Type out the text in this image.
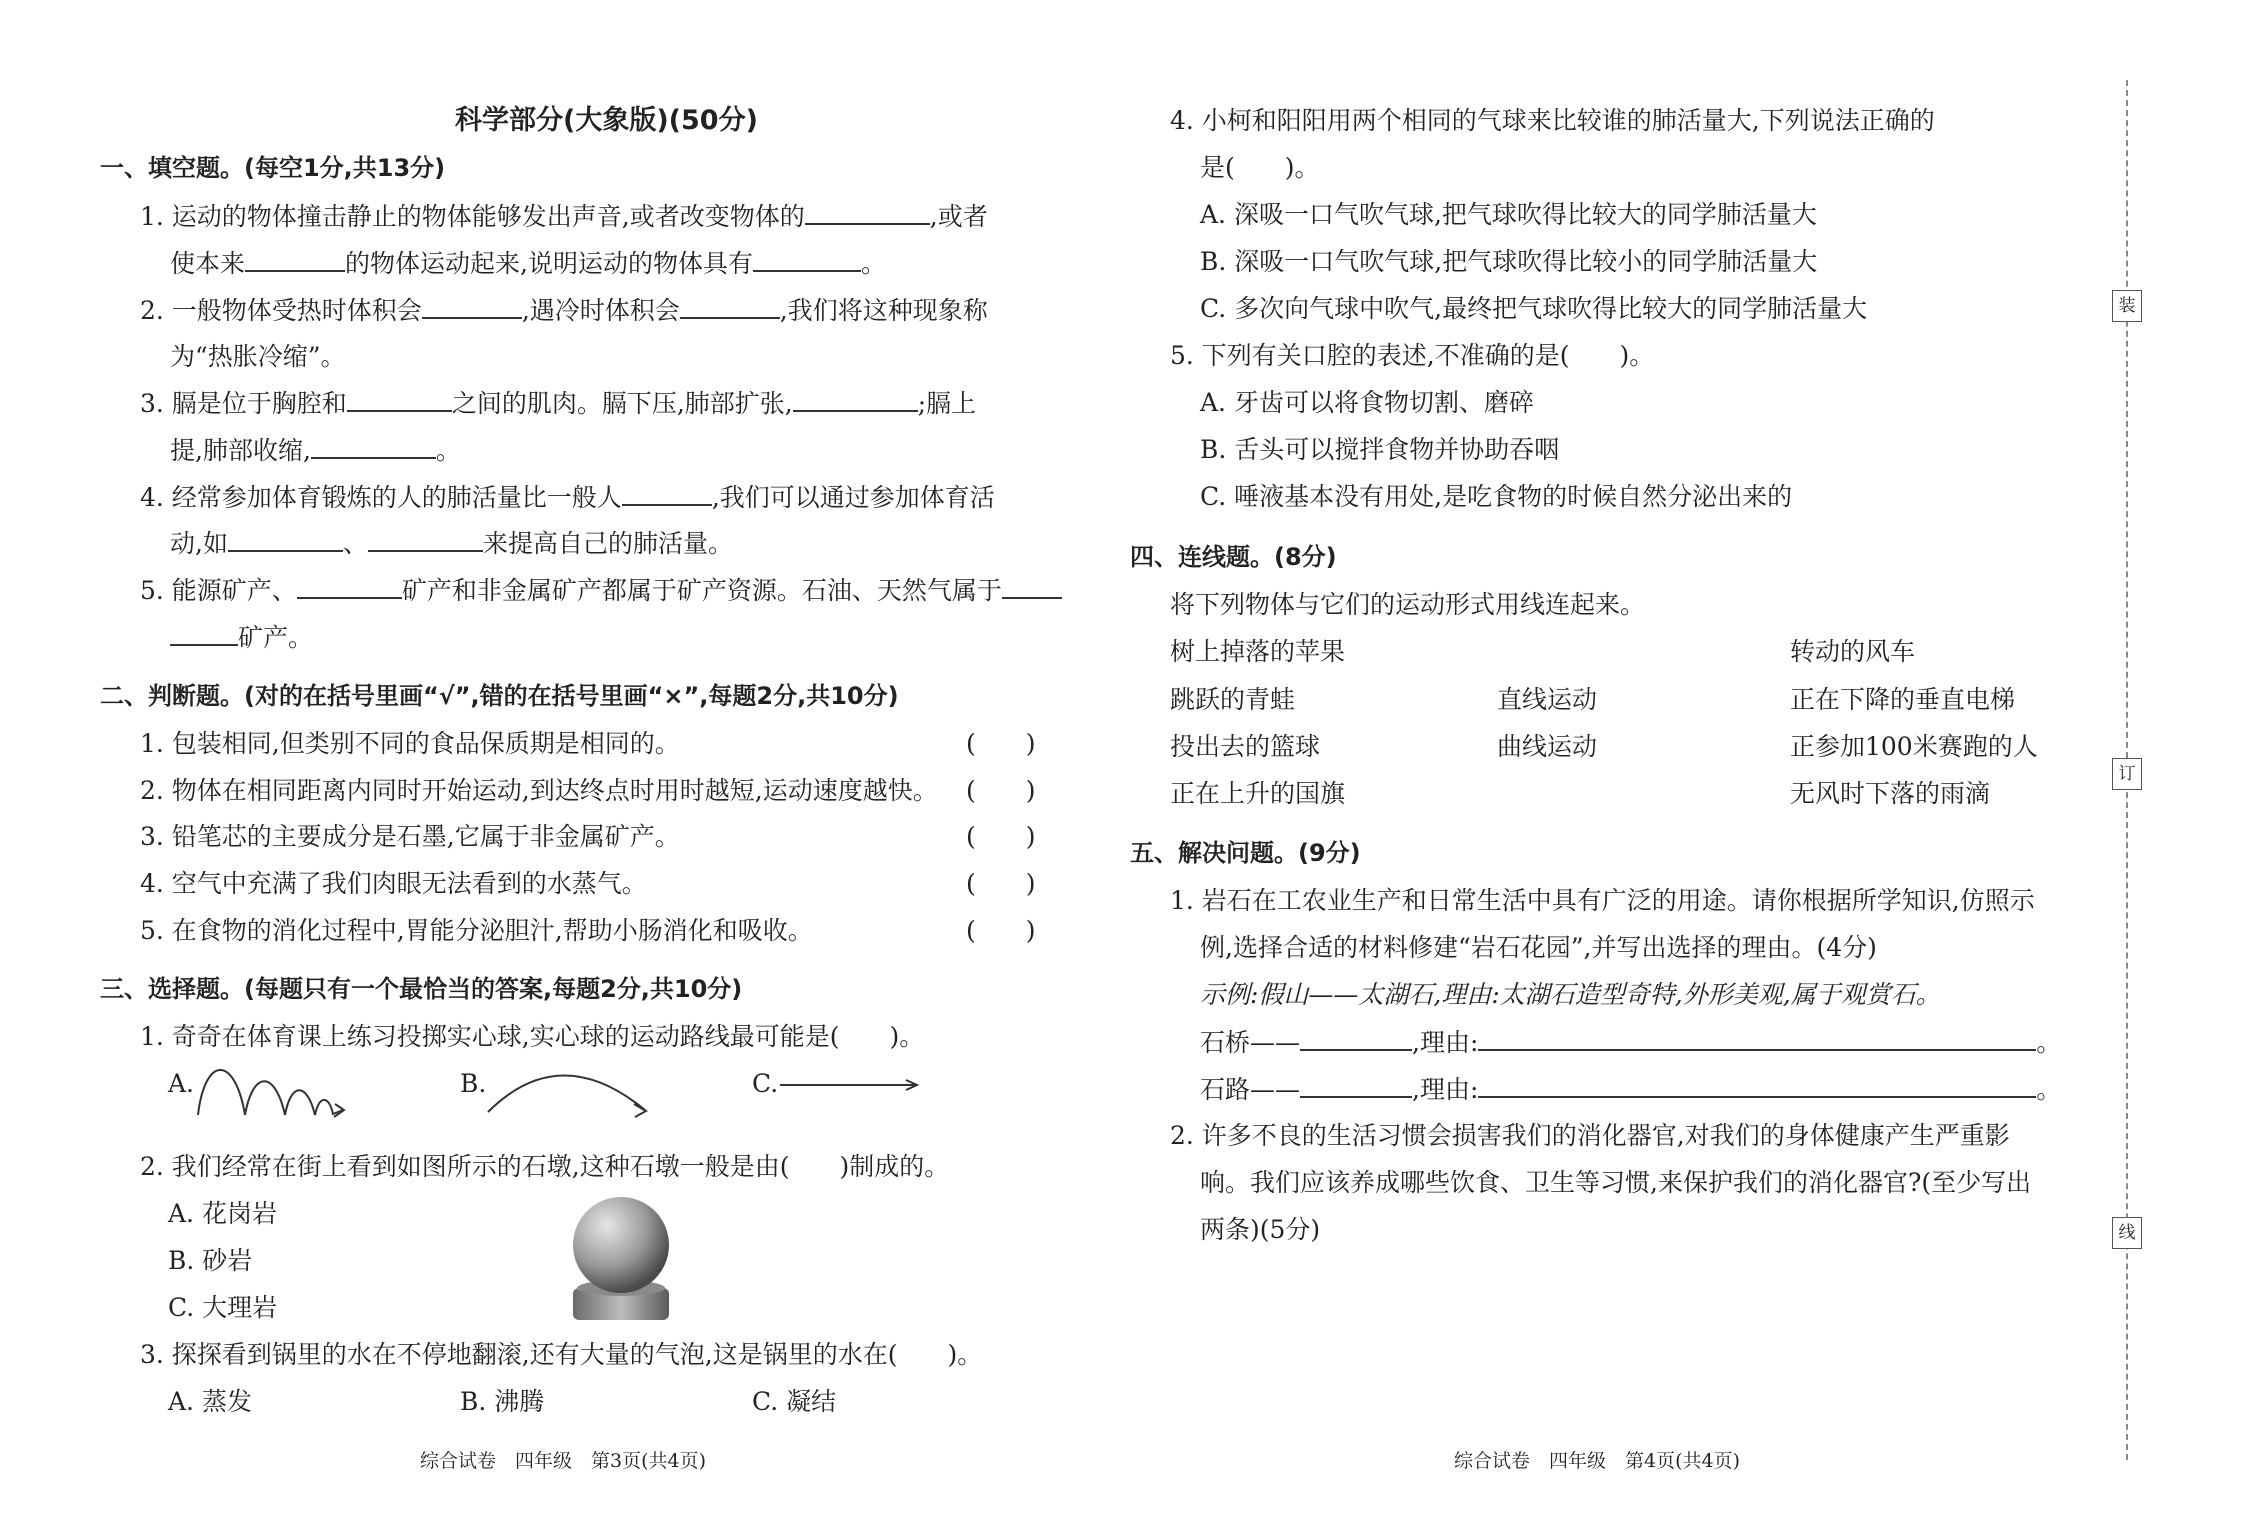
科学部分(大象版)(50分)
一、填空题。(每空1分,共13分)
1. 运动的物体撞击静止的物体能够发出声音,或者改变物体的	,或者
使本来	的物体运动起来,说明运动的物体具有	。
2. 一般物体受热时体积会	,遇冷时体积会	,我们将这种现象称
为“热胀冷缩”。
3. 膈是位于胸腔和	之间的肌肉。膈下压,肺部扩张,	;膈上
提,肺部收缩,	。
4. 经常参加体育锻炼的人的肺活量比一般人	,我们可以通过参加体育活
动,如	、	来提高自己的肺活量。
5. 能源矿产、	矿产和非金属矿产都属于矿产资源。石油、天然气属于
矿产。
二、判断题。(对的在括号里画“√”,错的在括号里画“×”,每题2分,共10分)
1. 包装相同,但类别不同的食品保质期是相同的。	(　　)
2. 物体在相同距离内同时开始运动,到达终点时用时越短,运动速度越快。 (　　)
3. 铅笔芯的主要成分是石墨,它属于非金属矿产。	(　　)
4. 空气中充满了我们肉眼无法看到的水蒸气。	(　　)
5. 在食物的消化过程中,胃能分泌胆汁,帮助小肠消化和吸收。	(　　)
三、选择题。(每题只有一个最恰当的答案,每题2分,共10分)
1. 奇奇在体育课上练习投掷实心球,实心球的运动路线最可能是(　　)。
A.	B.	C.
2. 我们经常在街上看到如图所示的石墩,这种石墩一般是由(　　)制成的。
A. 花岗岩
B. 砂岩
C. 大理岩
3. 探探看到锅里的水在不停地翻滚,还有大量的气泡,这是锅里的水在(　　)。
A. 蒸发	B. 沸腾	C. 凝结
综合试卷　四年级　第3页(共4页)
4. 小柯和阳阳用两个相同的气球来比较谁的肺活量大,下列说法正确的
是(　　)。
A. 深吸一口气吹气球,把气球吹得比较大的同学肺活量大
B. 深吸一口气吹气球,把气球吹得比较小的同学肺活量大
C. 多次向气球中吹气,最终把气球吹得比较大的同学肺活量大
5. 下列有关口腔的表述,不准确的是(　　)。
A. 牙齿可以将食物切割、磨碎
B. 舌头可以搅拌食物并协助吞咽
C. 唾液基本没有用处,是吃食物的时候自然分泌出来的
四、连线题。(8分)
将下列物体与它们的运动形式用线连起来。
树上掉落的苹果
跳跃的青蛙
投出去的篮球
正在上升的国旗
直线运动
曲线运动
转动的风车
正在下降的垂直电梯
正参加100米赛跑的人
无风时下落的雨滴
五、解决问题。(9分)
1. 岩石在工农业生产和日常生活中具有广泛的用途。请你根据所学知识,仿照示
例,选择合适的材料修建“岩石花园”,并写出选择的理由。(4分)
示例:假山——太湖石,理由:太湖石造型奇特,外形美观,属于观赏石。
石桥——	,理由:	。
石路——	,理由:	。
2. 许多不良的生活习惯会损害我们的消化器官,对我们的身体健康产生严重影
响。我们应该养成哪些饮食、卫生等习惯,来保护我们的消化器官?(至少写出
两条)(5分)
综合试卷　四年级　第4页(共4页)
装
订
线
